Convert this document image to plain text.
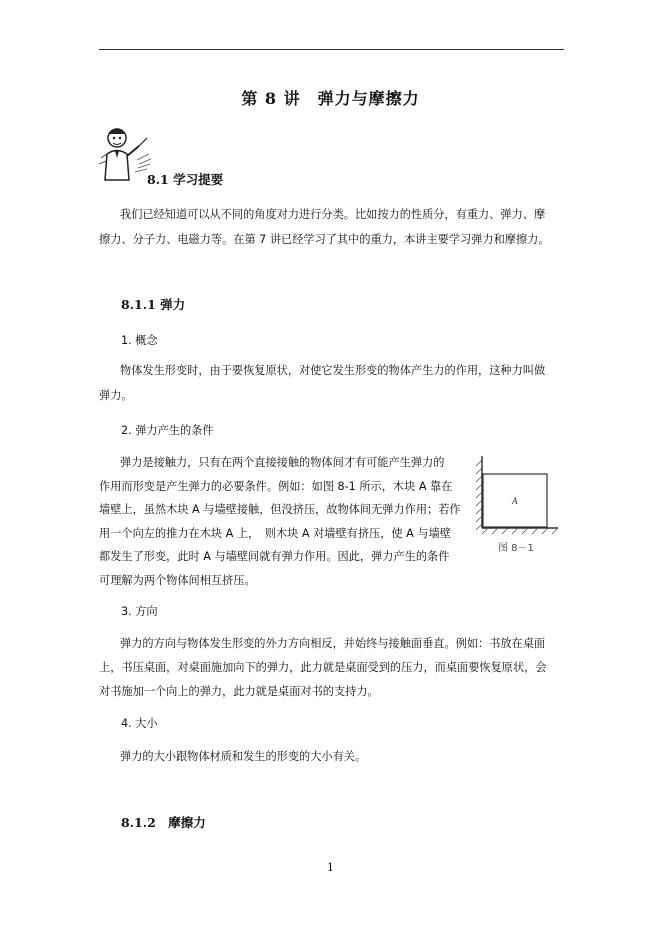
第 8 讲　弹力与摩擦力
8.1 学习提要
我们已经知道可以从不同的角度对力进行分类。比如按力的性质分，有重力、弹力、摩
擦力、分子力、电磁力等。在第 7 讲已经学习了其中的重力，本讲主要学习弹力和摩擦力。
8.1.1 弹力
1. 概念
物体发生形变时，由于要恢复原状，对使它发生形变的物体产生力的作用，这种力叫做
弹力。
2. 弹力产生的条件
弹力是接触力，只有在两个直接接触的物体间才有可能产生弹力的
作用而形变是产生弹力的必要条件。例如：如图 8-1 所示，木块 A 靠在
墙壁上，虽然木块 A 与墙壁接触，但没挤压，故物体间无弹力作用；若作
用一个向左的推力在木块 A 上，　则木块 A 对墙壁有挤压，使 A 与墙壁
都发生了形变，此时 A 与墙壁间就有弹力作用。因此，弹力产生的条件
可理解为两个物体间相互挤压。
A
图 8－1
3. 方向
弹力的方向与物体发生形变的外力方向相反，并始终与接触面垂直。例如：书放在桌面
上，书压桌面，对桌面施加向下的弹力，此力就是桌面受到的压力，而桌面要恢复原状，会
对书施加一个向上的弹力，此力就是桌面对书的支持力。
4. 大小
弹力的大小跟物体材质和发生的形变的大小有关。
8.1.2　摩擦力
1
